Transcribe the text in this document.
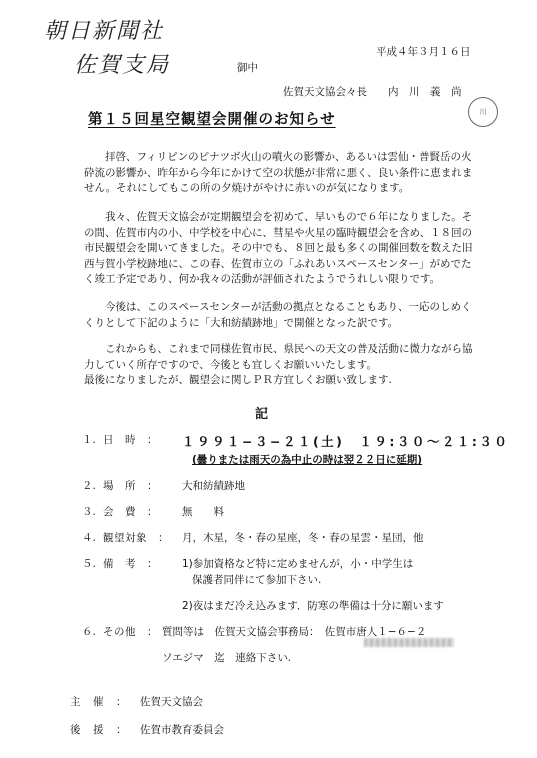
朝日新聞社
佐賀支局	御中
平成４年３月１６日
佐賀天文協会々長　　内　川　義　尚
第１５回星空観望会開催のお知らせ	川

拝啓、フィリピンのピナツボ火山の噴火の影響か、あるいは雲仙・普賢岳の火砕流の影響か、昨年から今年にかけて空の状態が非常に悪く、良い条件に恵まれません。それにしてもこの所の夕焼けがやけに赤いのが気になります。

我々、佐賀天文協会が定期観望会を初めて、早いもので６年になりました。その間、佐賀市内の小、中学校を中心に、彗星や火星の臨時観望会を含め、１８回の市民観望会を開いてきました。その中でも、８回と最も多くの開催回数を数えた旧西与賀小学校跡地に、この春、佐賀市立の「ふれあいスペースセンター」がめでたく竣工予定であり、何か我々の活動が評価されたようでうれしい限りです。

今後は、このスペースセンターが活動の拠点となることもあり、一応のしめくくりとして下記のように「大和紡績跡地」で開催となった訳です。

これからも、これまで同様佐賀市民、県民への天文の普及活動に微力ながら協力していく所存ですので、今後とも宜しくお願いいたします。
最後になりましたが、観望会に関しＰＲ方宜しくお願い致します.

記
１. 日　時　： １９９１−３−２１(土)　１９:３０〜２１:３０
(曇りまたは雨天の為中止の時は翌２２日に延期)
２. 場　所　： 大和紡績跡地
３. 会　費　： 無　　料
４. 観望対象　： 月，木星，冬・春の星座，冬・春の星雲・星団，他
５. 備　考　： 1)参加資格など特に定めませんが，小・中学生は
保護者同伴にて参加下さい.
2)夜はまだ冷え込みます．防寒の準備は十分に願います
６. その他　： 質問等は　佐賀天文協会事務局：　佐賀市唐人１−６−２
ソエジマ　迄　連絡下さい.
主　催　： 佐賀天文協会
後　援　： 佐賀市教育委員会
